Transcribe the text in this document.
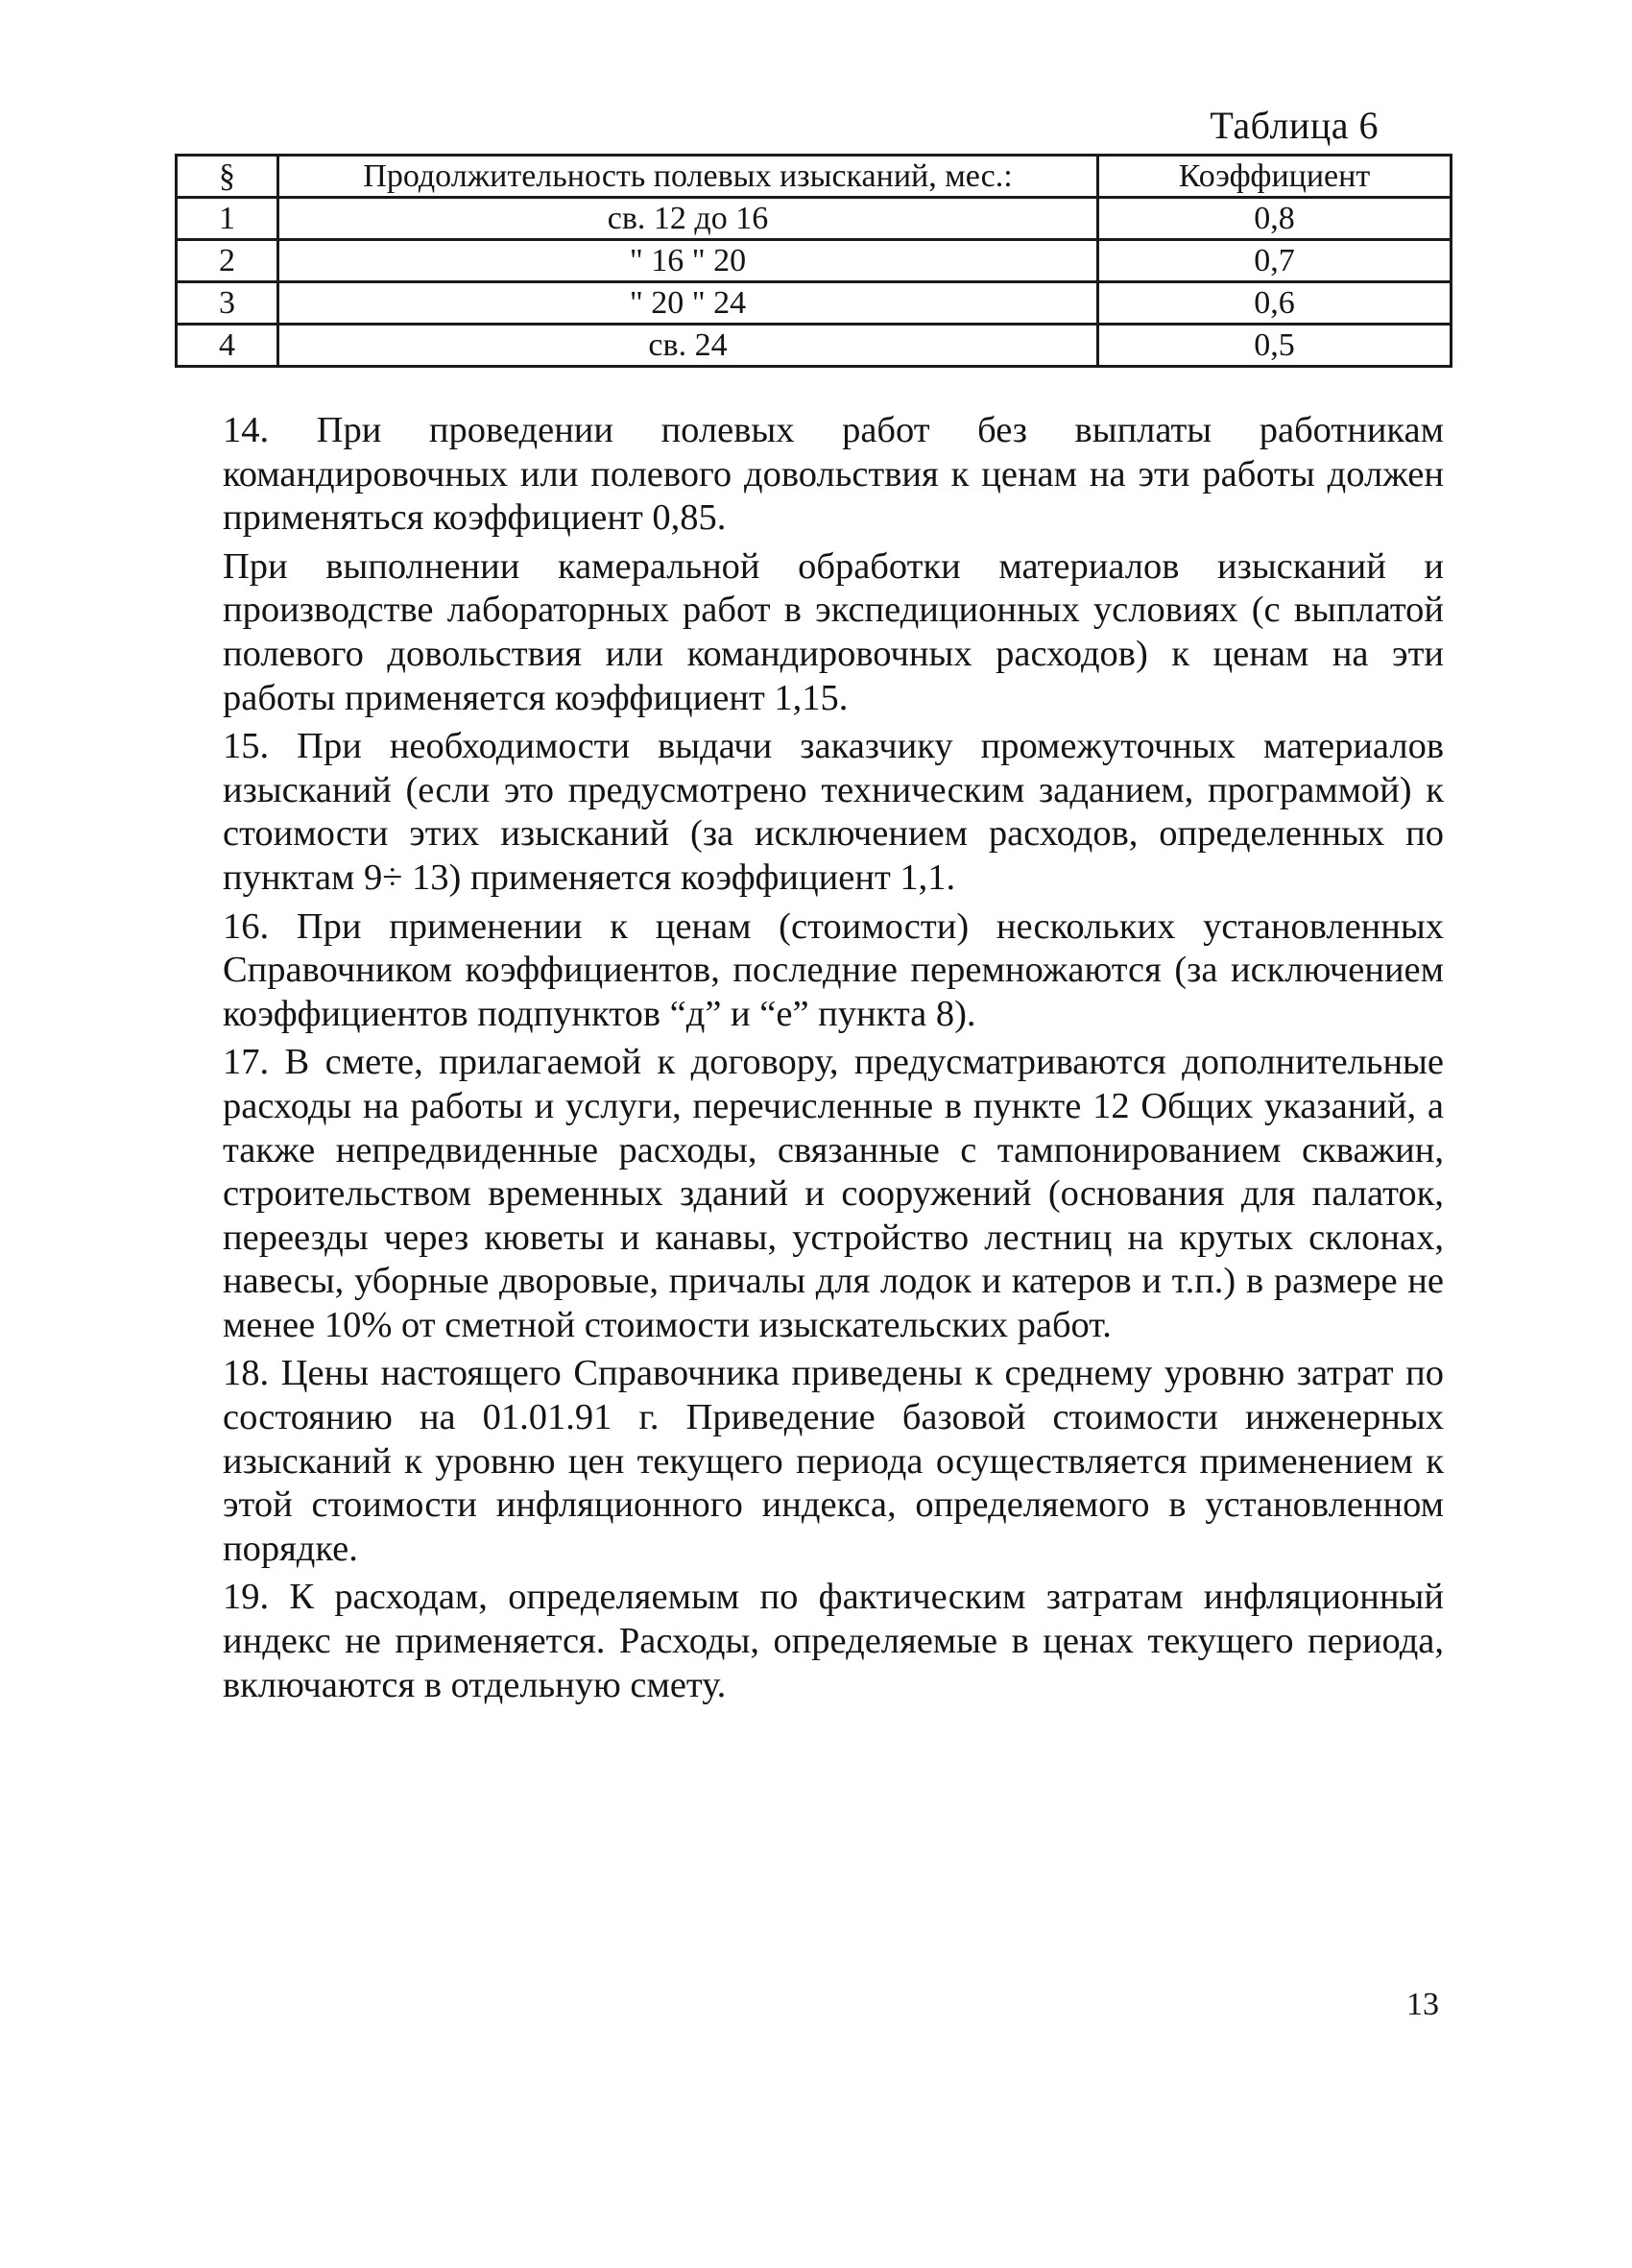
Таблица 6
§	Продолжительность полевых изысканий, мес.:	Коэффициент
1	св. 12 до 16	0,8
2	" 16 " 20	0,7
3	" 20 " 24	0,6
4	св. 24	0,5

14. При проведении полевых работ без выплаты работникам командировочных или полевого довольствия к ценам на эти работы должен применяться коэффициент 0,85.

При выполнении камеральной обработки материалов изысканий и производстве лабораторных работ в экспедиционных условиях (с выплатой полевого довольствия или командировочных расходов) к ценам на эти работы применяется коэффициент 1,15.

15. При необходимости выдачи заказчику промежуточных материалов изысканий (если это предусмотрено техническим заданием, программой) к стоимости этих изысканий (за исключением расходов, определенных по пунктам 9÷ 13) применяется коэффициент 1,1.

16. При применении к ценам (стоимости) нескольких установленных Справочником коэффициентов, последние перемножаются (за исключением коэффициентов подпунктов “д” и “е” пункта 8).

17. В смете, прилагаемой к договору, предусматриваются дополнительные расходы на работы и услуги, перечисленные в пункте 12 Общих указаний, а также непредвиденные расходы, связанные с тампонированием скважин, строительством временных зданий и сооружений (основания для палаток, переезды через кюветы и канавы, устройство лестниц на крутых склонах, навесы, уборные дворовые, причалы для лодок и катеров и т.п.) в размере не менее 10% от сметной стоимости изыскательских работ.

18. Цены настоящего Справочника приведены к среднему уровню затрат по состоянию на 01.01.91 г. Приведение базовой стоимости инженерных изысканий к уровню цен текущего периода осуществляется применением к этой стоимости инфляционного индекса, определяемого в установленном порядке.

19. К расходам, определяемым по фактическим затратам инфляционный индекс не применяется. Расходы, определяемые в ценах текущего периода, включаются в отдельную смету.

13
